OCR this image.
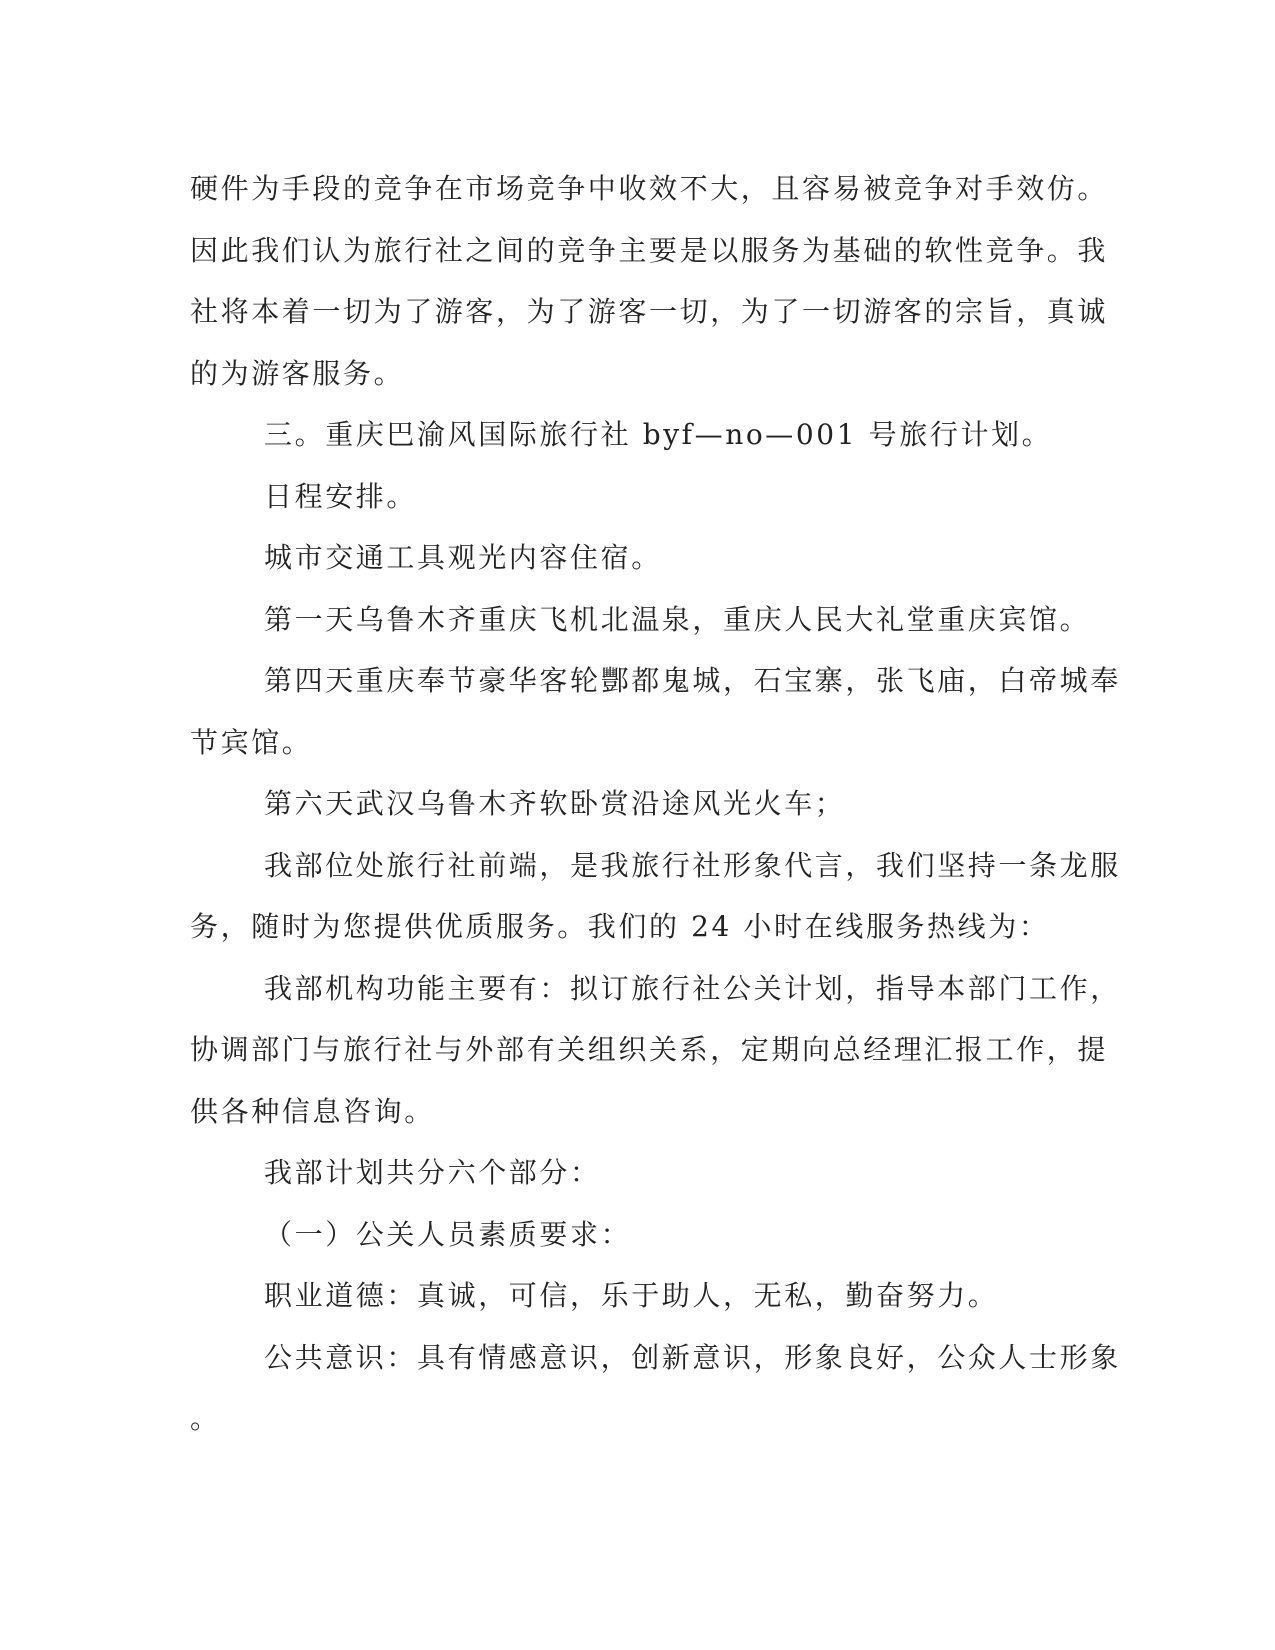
硬件为手段的竞争在市场竞争中收效不大，且容易被竞争对手效仿。
因此我们认为旅行社之间的竞争主要是以服务为基础的软性竞争。我
社将本着一切为了游客，为了游客一切，为了一切游客的宗旨，真诚
的为游客服务。
三。重庆巴渝风国际旅行社 byf—no—001 号旅行计划。
日程安排。
城市交通工具观光内容住宿。
第一天乌鲁木齐重庆飞机北温泉，重庆人民大礼堂重庆宾馆。
第四天重庆奉节豪华客轮酆都鬼城，石宝寨，张飞庙，白帝城奉
节宾馆。
第六天武汉乌鲁木齐软卧赏沿途风光火车；
我部位处旅行社前端，是我旅行社形象代言，我们坚持一条龙服
务，随时为您提供优质服务。我们的 24 小时在线服务热线为：
我部机构功能主要有：拟订旅行社公关计划，指导本部门工作，
协调部门与旅行社与外部有关组织关系，定期向总经理汇报工作，提
供各种信息咨询。
我部计划共分六个部分：
（一）公关人员素质要求：
职业道德：真诚，可信，乐于助人，无私，勤奋努力。
公共意识：具有情感意识，创新意识，形象良好，公众人士形象
。
